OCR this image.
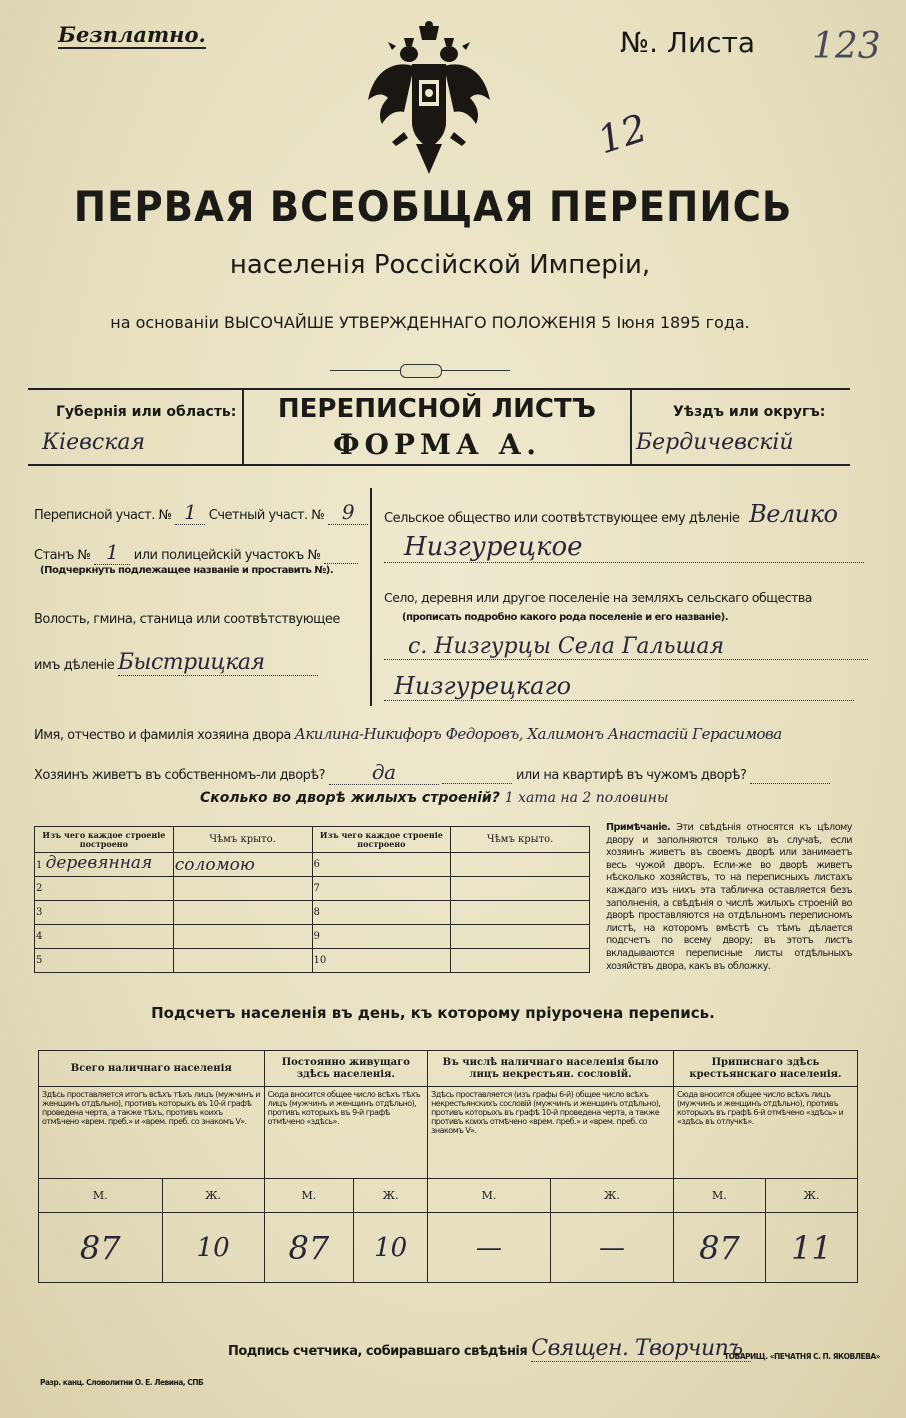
Безплатно.	№. Листа 123
12
ПЕРВАЯ ВСЕОБЩАЯ ПЕРЕПИСЬ
населенія Россійской Имперіи,
на основаніи ВЫСОЧАЙШЕ УТВЕРЖДЕННАГО ПОЛОЖЕНІЯ 5 Іюня 1895 года.
Губернія или область:
Кіевская
ПЕРЕПИСНОЙ ЛИСТЪ
ФОРМА А.
Уѣздъ или округъ:
Бердичевскій
Переписной участ. № 1 Счетный участ. № 9
Станъ № 1 или полицейскій участокъ №
(Подчеркнуть подлежащее названіе и проставить №).
Волость, гмина, станица или соотвѣтствующее
имъ дѣленіе Быстрицкая
Сельское общество или соотвѣтствующее ему дѣленіе Велико
Низгурецкое
Село, деревня или другое поселеніе на земляхъ сельскаго общества
(прописать подробно какого рода поселеніе и его названіе).
с. Низгурцы Села Гальшая
Низгурецкаго
Имя, отчество и фамилія хозяина двора Акилина-Никифоръ Федоровъ, Халимонъ Анастасій Герасимова
Хозяинъ живетъ въ собственномъ-ли дворѣ? да	или на квартирѣ въ чужомъ дворѣ?
Сколько во дворѣ жилыхъ строеній? 1 хата на 2 половины
Изъ чего каждое строеніе построено	Чѣмъ крыто.	Изъ чего каждое строеніе построено	Чѣмъ крыто.
1 деревянная	соломою	6	
2		7	
3		8	
4		9	
5		10	
Примѣчаніе. Эти свѣдѣнія относятся къ цѣлому двору и заполняются только въ случаѣ, если хозяинъ живетъ въ своемъ дворѣ или занимаетъ весь чужой дворъ. Если-же во дворѣ живетъ нѣсколько хозяйствъ, то на переписныхъ листахъ каждаго изъ нихъ эта табличка оставляется безъ заполненія, а свѣдѣнія о числѣ жилыхъ строеній во дворѣ проставляются на отдѣльномъ переписномъ листѣ, на которомъ вмѣстѣ съ тѣмъ дѣлается подсчетъ по всему двору; въ этотъ листъ вкладываются переписные листы отдѣльныхъ хозяйствъ двора, какъ въ обложку.
Подсчетъ населенія въ день, къ которому пріурочена перепись.
Всего наличнаго населенія		Постоянно живущаго здѣсь населенія.		Въ числѣ наличнаго населенія было лицъ некрестьян. сословій.		Приписнаго здѣсь крестьянскаго населенія.	
Здѣсь проставляется итогъ всѣхъ тѣхъ лицъ (мужчинъ и женщинъ отдѣльно), противъ которыхъ въ 10-й графѣ проведена черта, а также тѣхъ, противъ коихъ отмѣчено «врем. преб.» и «врем. преб. со знакомъ V».		Сюда вносится общее число всѣхъ тѣхъ лицъ (мужчинъ и женщинъ отдѣльно), противъ которыхъ въ 9-й графѣ отмѣчено «здѣсь».		Здѣсь проставляется (изъ графы 6-й) общее число всѣхъ некрестьянскихъ сословій (мужчинъ и женщинъ отдѣльно), противъ которыхъ въ графѣ 10-й проведена черта, а также противъ коихъ отмѣчено «врем. преб.» и «врем. преб. со знакомъ V».		Сюда вносится общее число всѣхъ лицъ (мужчинъ и женщинъ отдѣльно), противъ которыхъ въ графѣ 6-й отмѣчено «здѣсь» и «здѣсь въ отлучкѣ».	
М.	Ж.	М.	Ж.	М.	Ж.	М.	Ж.
87	10	87	10	—	—	87	11
Подпись счетчика, собиравшаго свѣдѣнія Священ. Творчипъ
Разр. канц. Словолитни О. Е. Левина, СПБ
ТОВАРИЩ. «ПЕЧАТНЯ С. П. ЯКОВЛЕВА»
